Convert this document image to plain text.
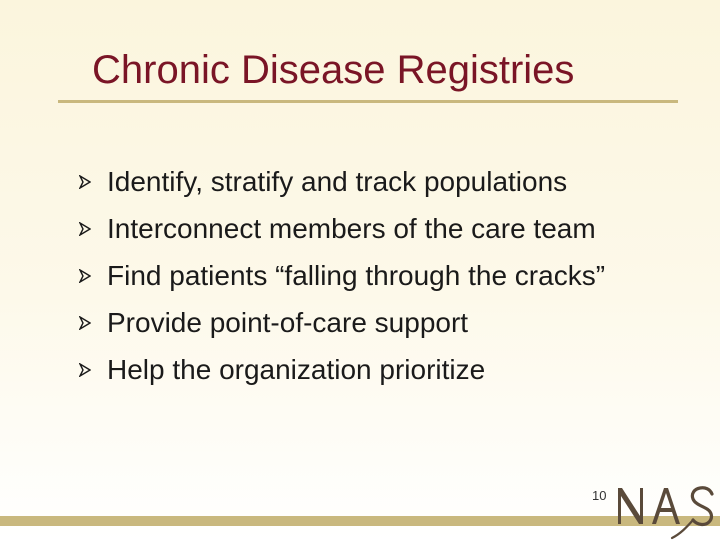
Chronic Disease Registries
Identify, stratify and track populations
Interconnect members of the care team
Find patients “falling through the cracks”
Provide point-of-care support
Help the organization prioritize
10
